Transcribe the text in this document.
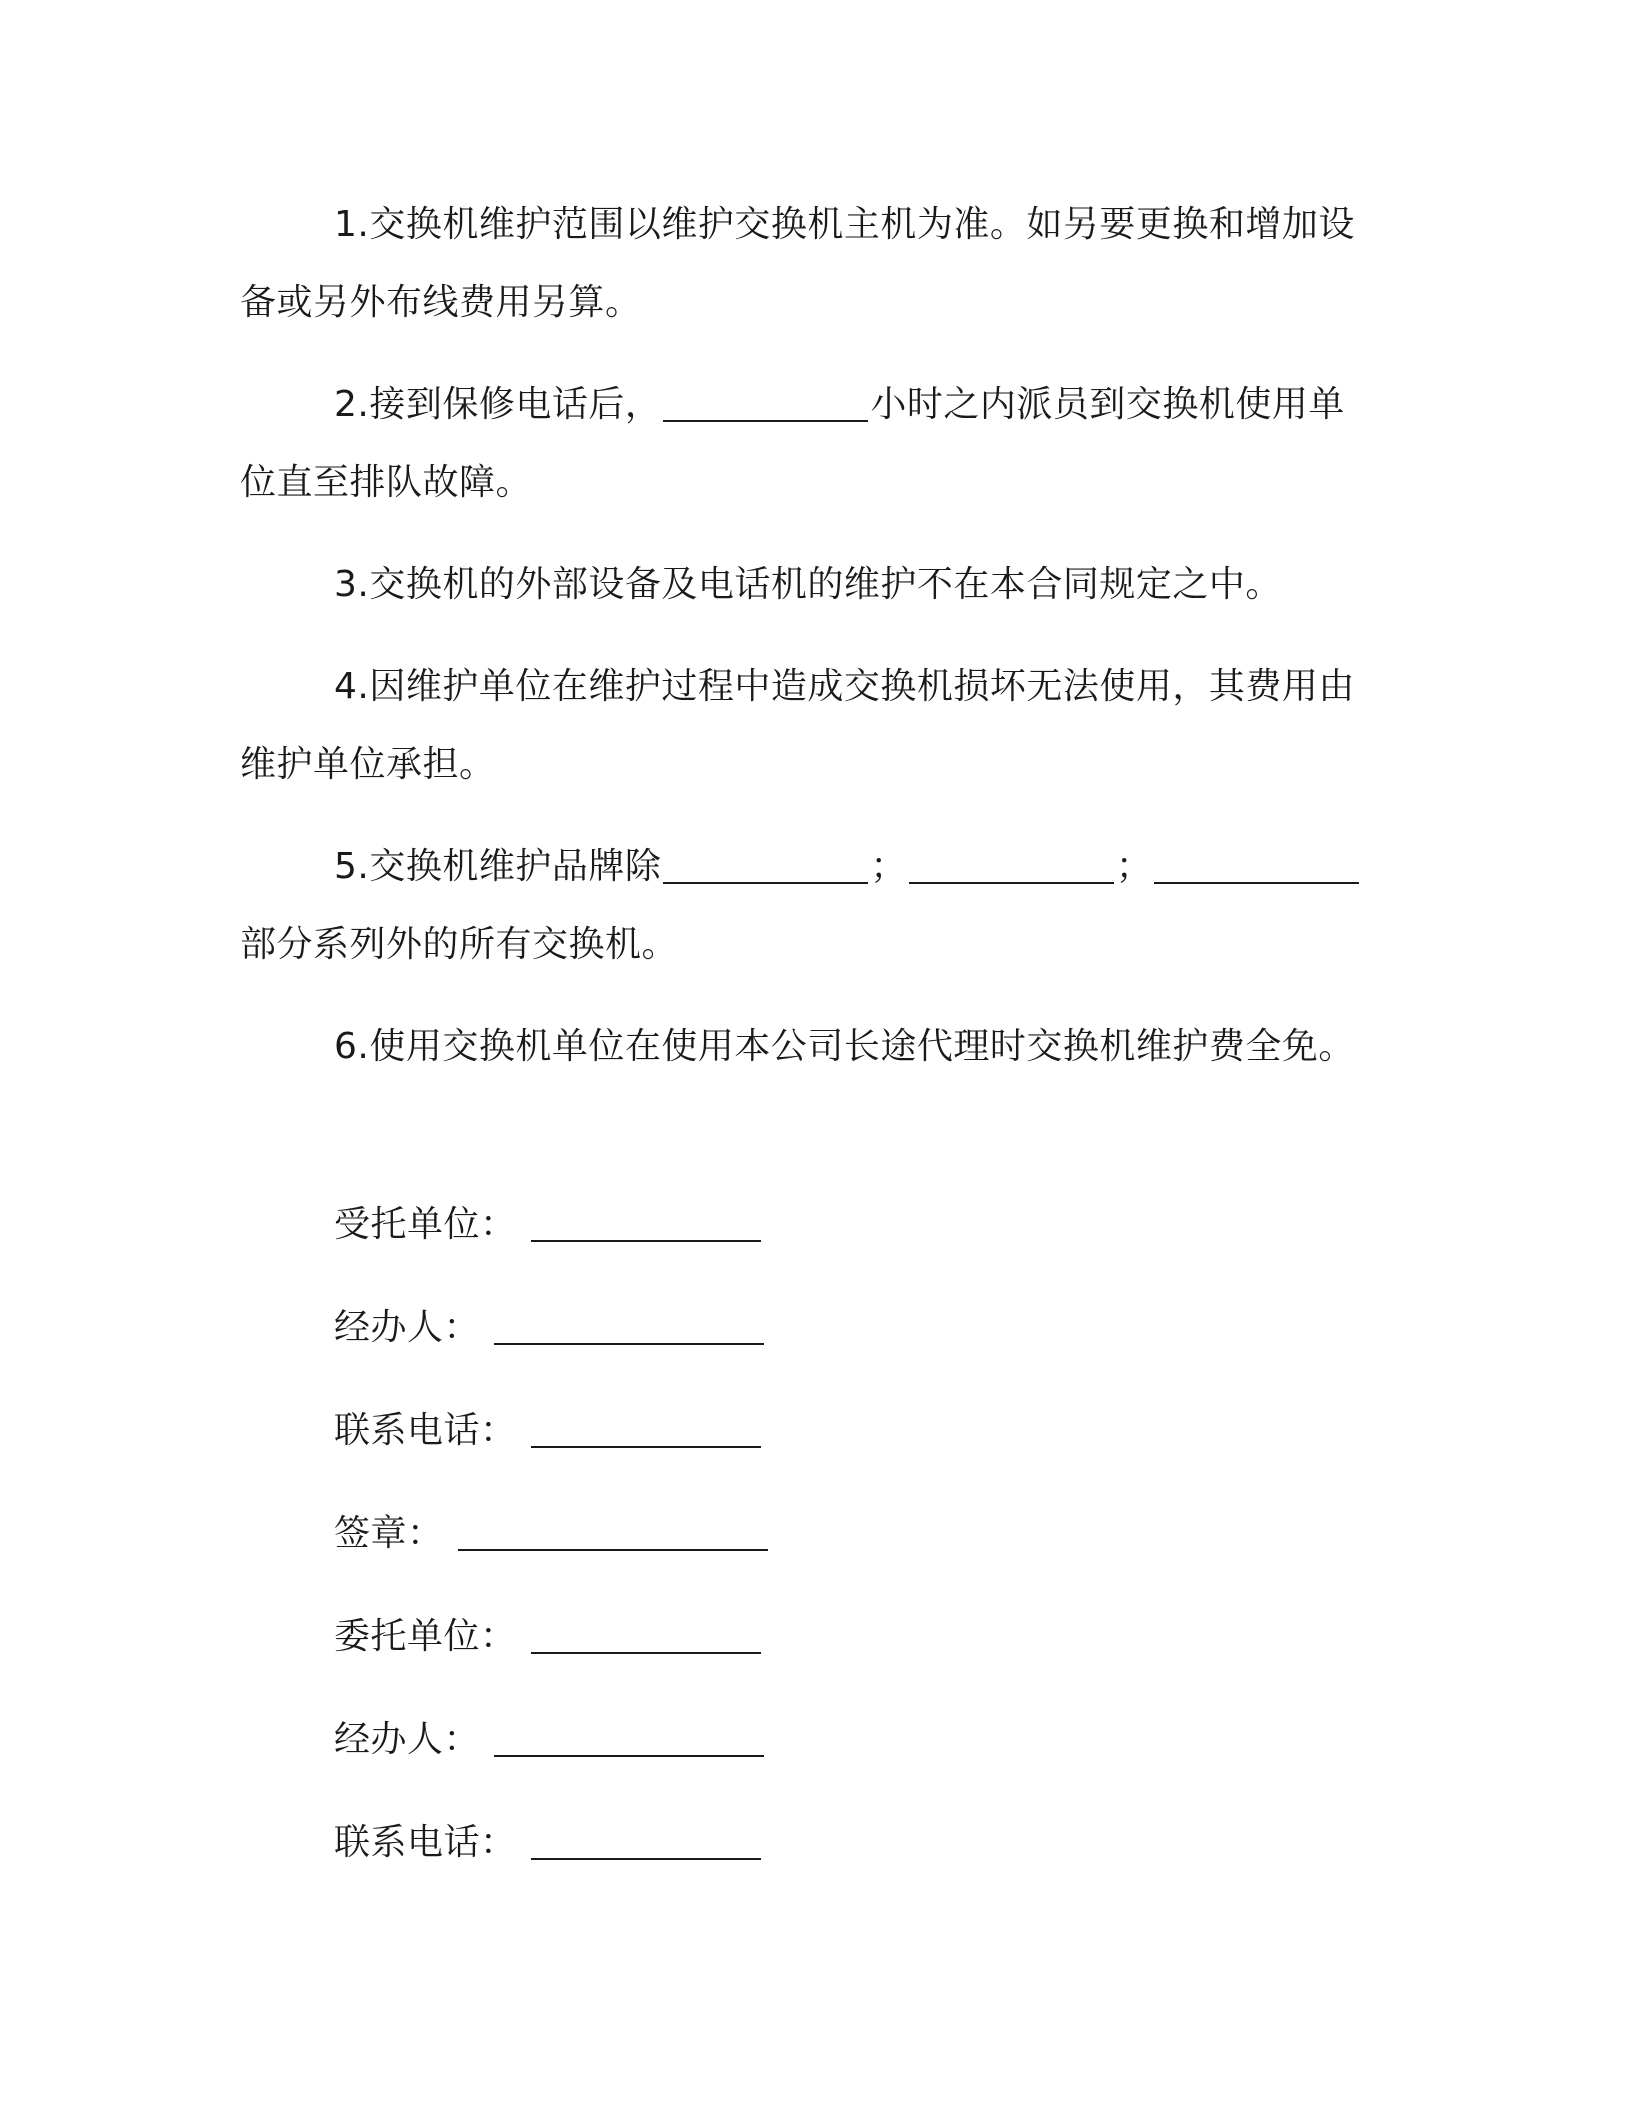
1.交换机维护范围以维护交换机主机为准。如另要更换和增加设备或另外布线费用另算。

2.接到保修电话后，	小时之内派员到交换机使用单位直至排队故障。

3.交换机的外部设备及电话机的维护不在本合同规定之中。

4.因维护单位在维护过程中造成交换机损坏无法使用，其费用由维护单位承担。

5.交换机维护品牌除	；	；部分系列外的所有交换机。

6.使用交换机单位在使用本公司长途代理时交换机维护费全免。

受托单位：
经办人：
联系电话：
签章：
委托单位：
经办人：
联系电话：
